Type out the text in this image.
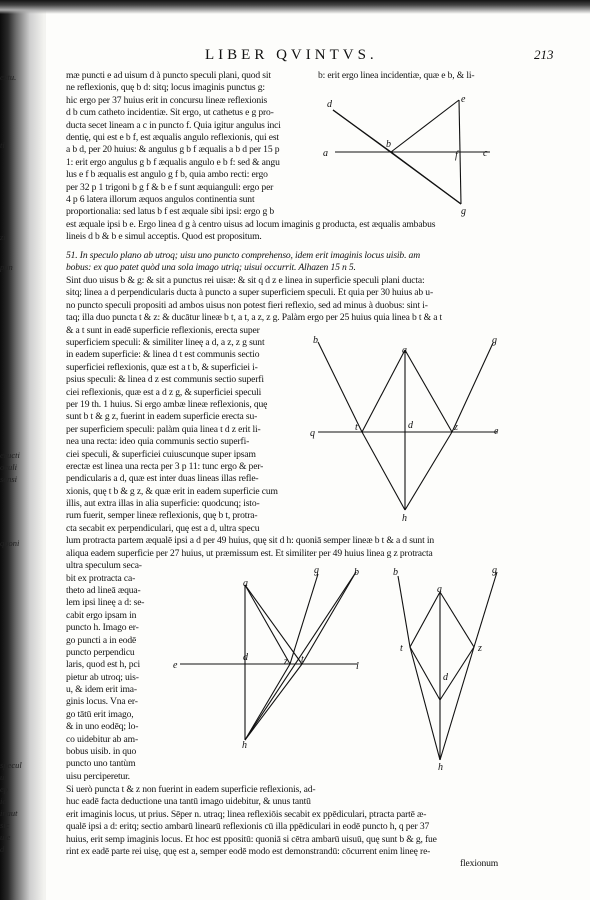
extu.
ti
zi
pun
eructi
oculi
sensi
quoni
specul
ui
ep
id
inaut
sic
ule
d
LIBER QVINTVS.	213
mæ puncti e ad uisum d à puncto speculi plani, quod sit
ne reflexionis, quę b d: sitq; locus imaginis punctus g:
hic ergo per 37 huius erit in concursu lineæ reflexionis
d b cum catheto incidentiæ. Sit ergo, ut cathetus e g pro-
ducta secet lineam a c in puncto f. Quia igitur angulus inci
dentię, qui est e b f, est æqualis angulo reflexionis, qui est
a b d, per 20 huius: & angulus g b f æqualis a b d per 15 p
1: erit ergo angulus g b f æqualis angulo e b f: sed & angu
lus e f b æqualis est angulo g f b, quia ambo recti: ergo
per 32 p 1 trigoni b g f & b e f sunt æquianguli: ergo per
4 p 6 latera illorum æquos angulos continentia sunt
proportionalia: sed latus b f est æquale sibi ipsi: ergo g b
b: erit ergo linea incidentiæ, quæ e b, & li-
est æquale ipsi b e. Ergo linea d g à centro uisus ad locum imaginis g producta, est æqualis ambabus
lineis d b & b e simul acceptis. Quod est propositum.
51. In speculo plano ab utroq; uisu uno puncto comprehenso, idem erit imaginis locus uisib. am
bobus: ex quo patet quòd una sola imago utriq; uisui occurrit. Alhazen 15 n 5.
Sint duo uisus b & g: & sit a punctus rei uisæ: & sit q d z e linea in superficie speculi plani ducta:
sitq; linea a d perpendicularis ducta à puncto a super superficiem speculi. Et quia per 30 huius ab u-
no puncto speculi propositi ad ambos uisus non potest fieri reflexio, sed ad minus à duobus: sint i-
taq; illa duo puncta t & z: & ducātur lineæ b t, a t, a z, z g. Palàm ergo per 25 huius quia linea b t & a t
& a t sunt in eadē superficie reflexionis, erecta super
superficiem speculi: & similiter lineę a d, a z, z g sunt
in eadem superficie: & linea d t est communis sectio
superficiei reflexionis, quæ est a t b, & superficiei i-
psius speculi: & linea d z est communis sectio superfi
ciei reflexionis, quæ est a d z g, & superficiei speculi
per 19 th. 1 huius. Si ergo ambæ lineæ reflexionis, quę
sunt b t & g z, fuerint in eadem superficie erecta su-
per superficiem speculi: palàm quia linea t d z erit li-
nea una recta: ideo quia communis sectio superfi-
ciei speculi, & superficiei cuiuscunque super ipsam
erectæ est linea una recta per 3 p 11: tunc ergo & per-
pendicularis a d, quæ est inter duas lineas illas refle-
xionis, quę t b & g z, & quæ erit in eadem superficie cum
illis, aut extra illas in alia superficie: quodcunq; isto-
rum fuerit, semper lineæ reflexionis, quę b t, protra-
cta secabit ex perpendiculari, quę est a d, ultra specu
lum protracta partem æqualē ipsi a d per 49 huius, quę sit d h: quoniā semper lineæ b t & a d sunt in
aliqua eadem superficie per 27 huius, ut præmissum est. Et similiter per 49 huius linea g z protracta
ultra speculum seca-
bit ex protracta ca-
theto ad lineā æqua-
lem ipsi lineę a d: se-
cabit ergo ipsam in
puncto h. Imago er-
go puncti a in eodē
puncto perpendicu
laris, quod est h, pci
pietur ab utroq; uis-
u, & idem erit ima-
ginis locus. Vna er-
go tātū erit imago,
& in uno eodēq; lo-
co uidebitur ab am-
bobus uisib. in quo
puncto uno tantùm
uisu perciperetur.
Si uerò puncta t & z non fuerint in eadem superficie reflexionis, ad-
huc eadē facta deductione una tantū imago uidebitur, & unus tantū
erit imaginis locus, ut prius. Sēper n. utraq; linea reflexiōis secabit ex ppēdiculari, ptracta partē æ-
qualē ipsi a d: eritq; sectio ambarū linearū reflexionis cū illa ppēdiculari in eodē puncto h, q per 37
huius, erit semp imaginis locus. Et hoc est ppositū: quoniā si cētra ambarū uisuū, quę sunt b & g, fue
rint ex eadē parte rei uisę, quę est a, semper eodē modo est demonstrandū: cōcurrent enim lineę re-
flexionum
d	e
a
b
f	c
g
b
a
g
q
t	d	z	e
h
g	b
a
e
d	z t
l
h
b	g
a
t	z
d
h
